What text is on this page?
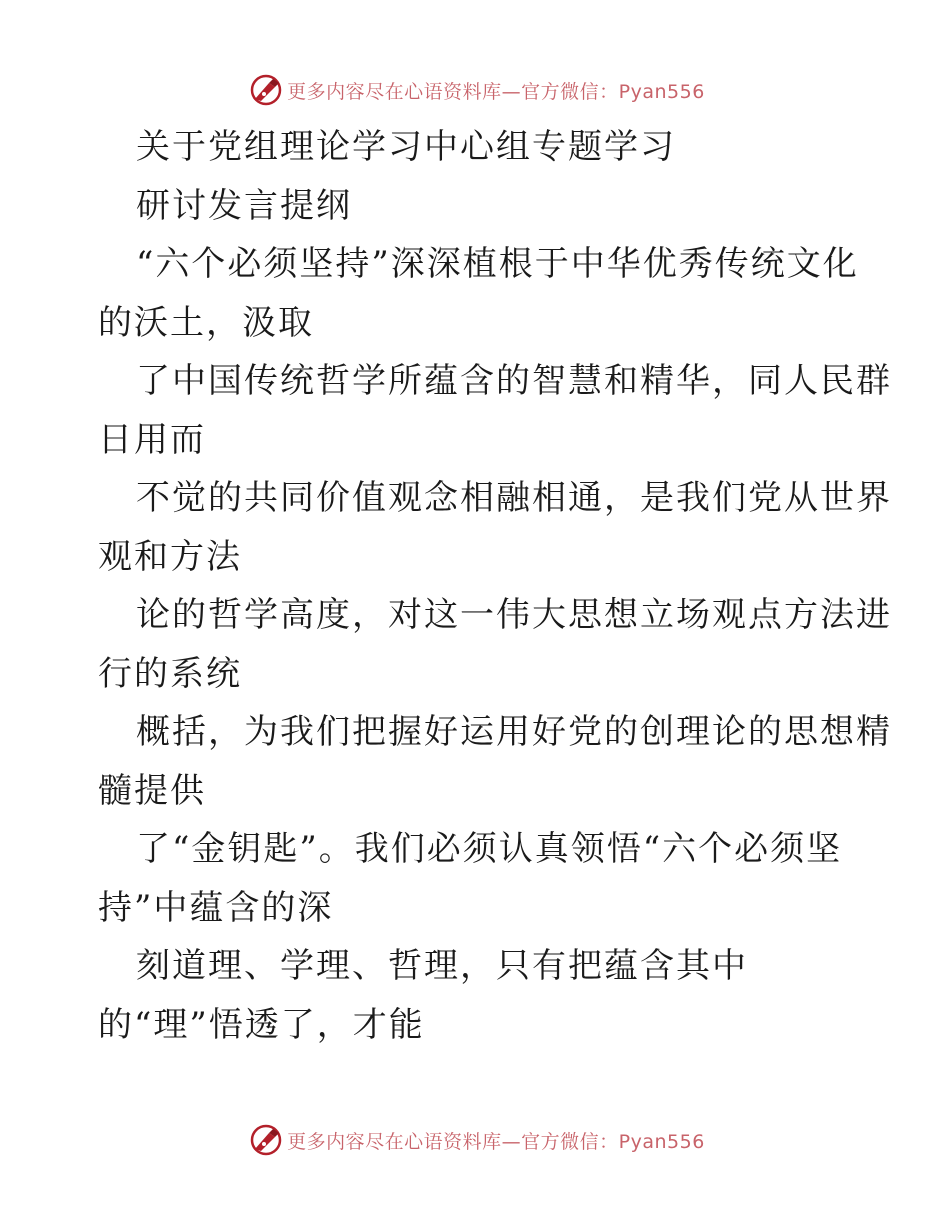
更多内容尽在心语资料库—官方微信：Pyan556
关于党组理论学习中心组专题学习
研讨发言提纲
“六个必须坚持”深深植根于中华优秀传统文化
的沃土，汲取
了中国传统哲学所蕴含的智慧和精华，同人民群
日用而
不觉的共同价值观念相融相通，是我们党从世界
观和方法
论的哲学高度，对这一伟大思想立场观点方法进
行的系统
概括，为我们把握好运用好党的创理论的思想精
髓提供
了“金钥匙”。我们必须认真领悟“六个必须坚
持”中蕴含的深
刻道理、学理、哲理，只有把蕴含其中
的“理”悟透了，才能
更多内容尽在心语资料库—官方微信：Pyan556
